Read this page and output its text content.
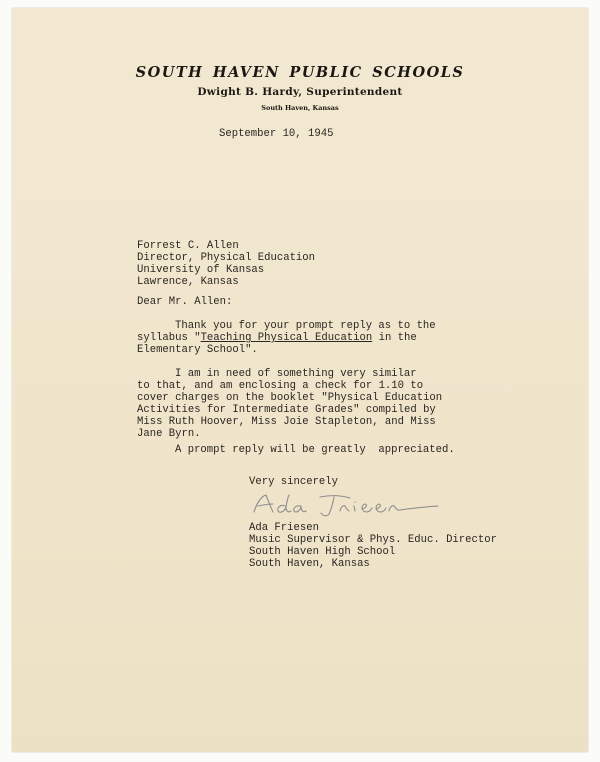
SOUTH HAVEN PUBLIC SCHOOLS
Dwight B. Hardy, Superintendent
South Haven, Kansas
September 10, 1945
Forrest C. Allen
Director, Physical Education
University of Kansas
Lawrence, Kansas
Dear Mr. Allen:
Thank you for your prompt reply as to the
syllabus "Teaching Physical Education in the
Elementary School".
I am in need of something very similar
to that, and am enclosing a check for 1.10 to
cover charges on the booklet "Physical Education
Activities for Intermediate Grades" compiled by
Miss Ruth Hoover, Miss Joie Stapleton, and Miss
Jane Byrn.
A prompt reply will be greatly  appreciated.
Very sincerely
Ada Friesen
Music Supervisor & Phys. Educ. Director
South Haven High School
South Haven, Kansas
